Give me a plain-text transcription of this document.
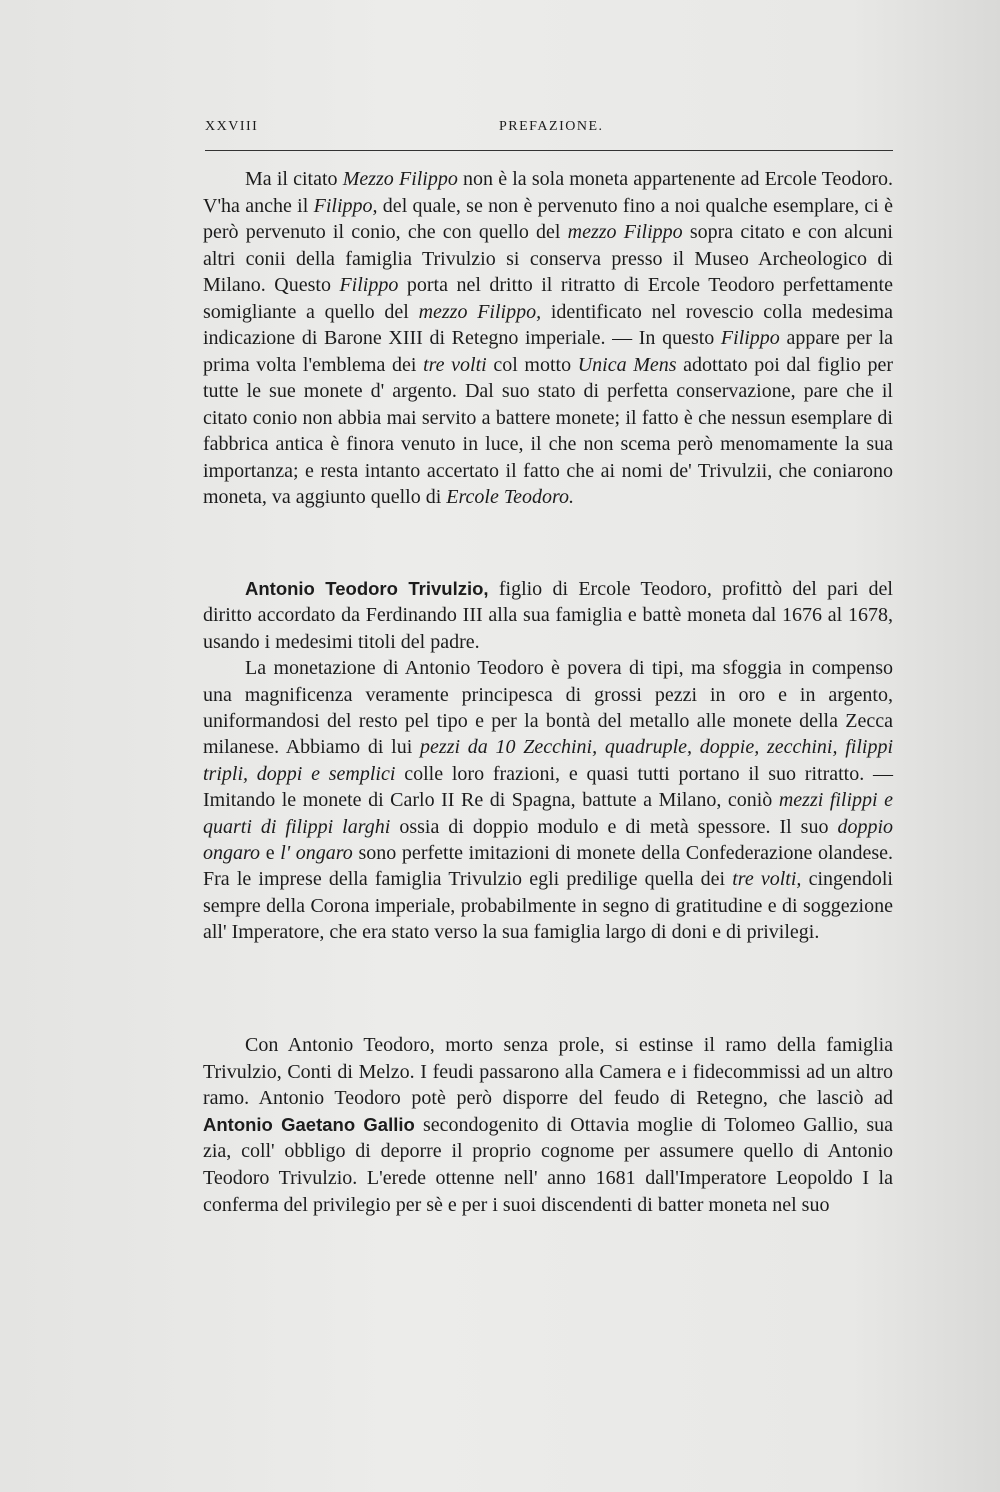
XXVIII	PREFAZIONE.

Ma il citato Mezzo Filippo non è la sola moneta appartenente ad Ercole Teodoro. V'ha anche il Filippo, del quale, se non è pervenuto fino a noi qualche esemplare, ci è però pervenuto il conio, che con quello del mezzo Filippo sopra citato e con alcuni altri conii della famiglia Trivulzio si conserva presso il Museo Archeologico di Milano. Questo Filippo porta nel dritto il ritratto di Ercole Teodoro perfettamente somigliante a quello del mezzo Filippo, identificato nel rovescio colla medesima indicazione di Barone XIII di Retegno imperiale. — In questo Filippo appare per la prima volta l'emblema dei tre volti col motto Unica Mens adottato poi dal figlio per tutte le sue monete d' argento. Dal suo stato di perfetta conservazione, pare che il citato conio non abbia mai servito a battere monete; il fatto è che nessun esemplare di fabbrica antica è finora venuto in luce, il che non scema però menomamente la sua importanza; e resta intanto accertato il fatto che ai nomi de' Trivulzii, che coniarono moneta, va aggiunto quello di Ercole Teodoro.

Antonio Teodoro Trivulzio, figlio di Ercole Teodoro, profittò del pari del diritto accordato da Ferdinando III alla sua famiglia e battè moneta dal 1676 al 1678, usando i medesimi titoli del padre.

La monetazione di Antonio Teodoro è povera di tipi, ma sfoggia in compenso una magnificenza veramente principesca di grossi pezzi in oro e in argento, uniformandosi del resto pel tipo e per la bontà del metallo alle monete della Zecca milanese. Abbiamo di lui pezzi da 10 Zecchini, quadruple, doppie, zecchini, filippi tripli, doppi e semplici colle loro frazioni, e quasi tutti portano il suo ritratto. — Imitando le monete di Carlo II Re di Spagna, battute a Milano, coniò mezzi filippi e quarti di filippi larghi ossia di doppio modulo e di metà spessore. Il suo doppio ongaro e l' ongaro sono perfette imitazioni di monete della Confederazione olandese. Fra le imprese della famiglia Trivulzio egli predilige quella dei tre volti, cingendoli sempre della Corona imperiale, probabilmente in segno di gratitudine e di soggezione all' Imperatore, che era stato verso la sua famiglia largo di doni e di privilegi.

Con Antonio Teodoro, morto senza prole, si estinse il ramo della famiglia Trivulzio, Conti di Melzo. I feudi passarono alla Camera e i fidecommissi ad un altro ramo. Antonio Teodoro potè però disporre del feudo di Retegno, che lasciò ad Antonio Gaetano Gallio secondogenito di Ottavia moglie di Tolomeo Gallio, sua zia, coll' obbligo di deporre il proprio cognome per assumere quello di Antonio Teodoro Trivulzio. L'erede ottenne nell' anno 1681 dall'Imperatore Leopoldo I la conferma del privilegio per sè e per i suoi discendenti di batter moneta nel suo
